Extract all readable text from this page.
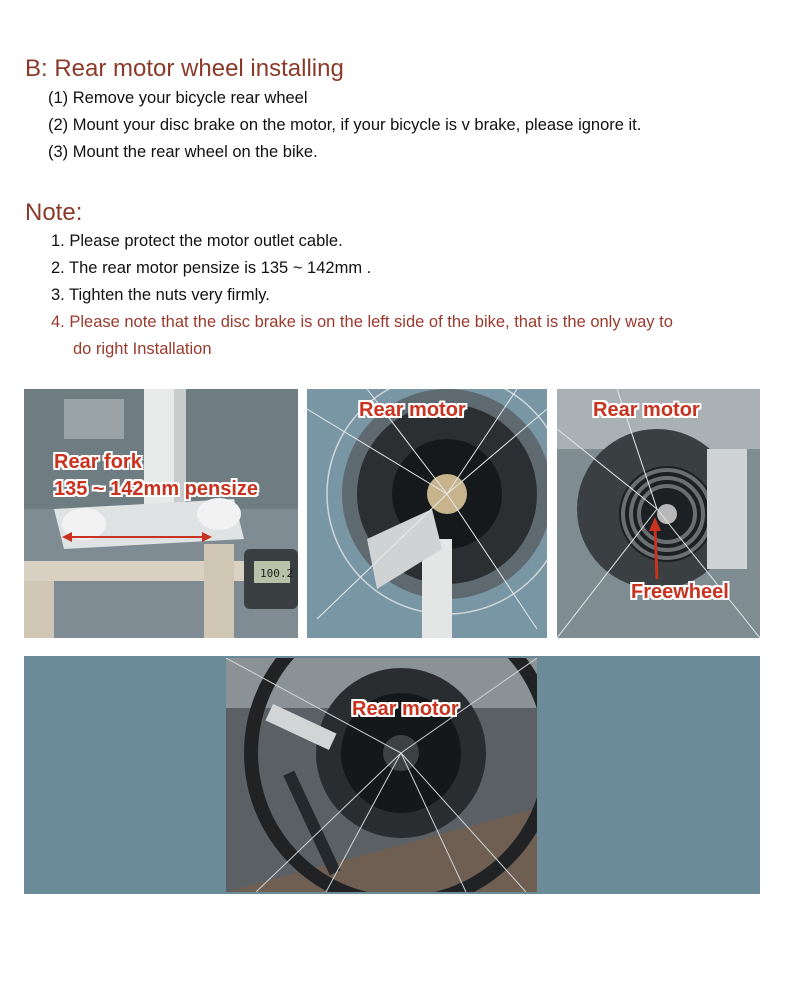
B: Rear motor wheel installing
(1) Remove your bicycle rear wheel
(2) Mount your disc brake on the motor, if your bicycle is v brake, please ignore it.
(3) Mount the rear wheel on the bike.
Note:
1. Please protect the motor outlet cable.
2. The rear motor pensize is 135 ~ 142mm .
3. Tighten the nuts very firmly.
4. Please note that the disc brake is on the left side of the bike, that is the only way to
do right Installation
Rear fork
135 ~ 142mm pensize
100.2
Rear motor	Rear motor
Freewheel
Rear motor
